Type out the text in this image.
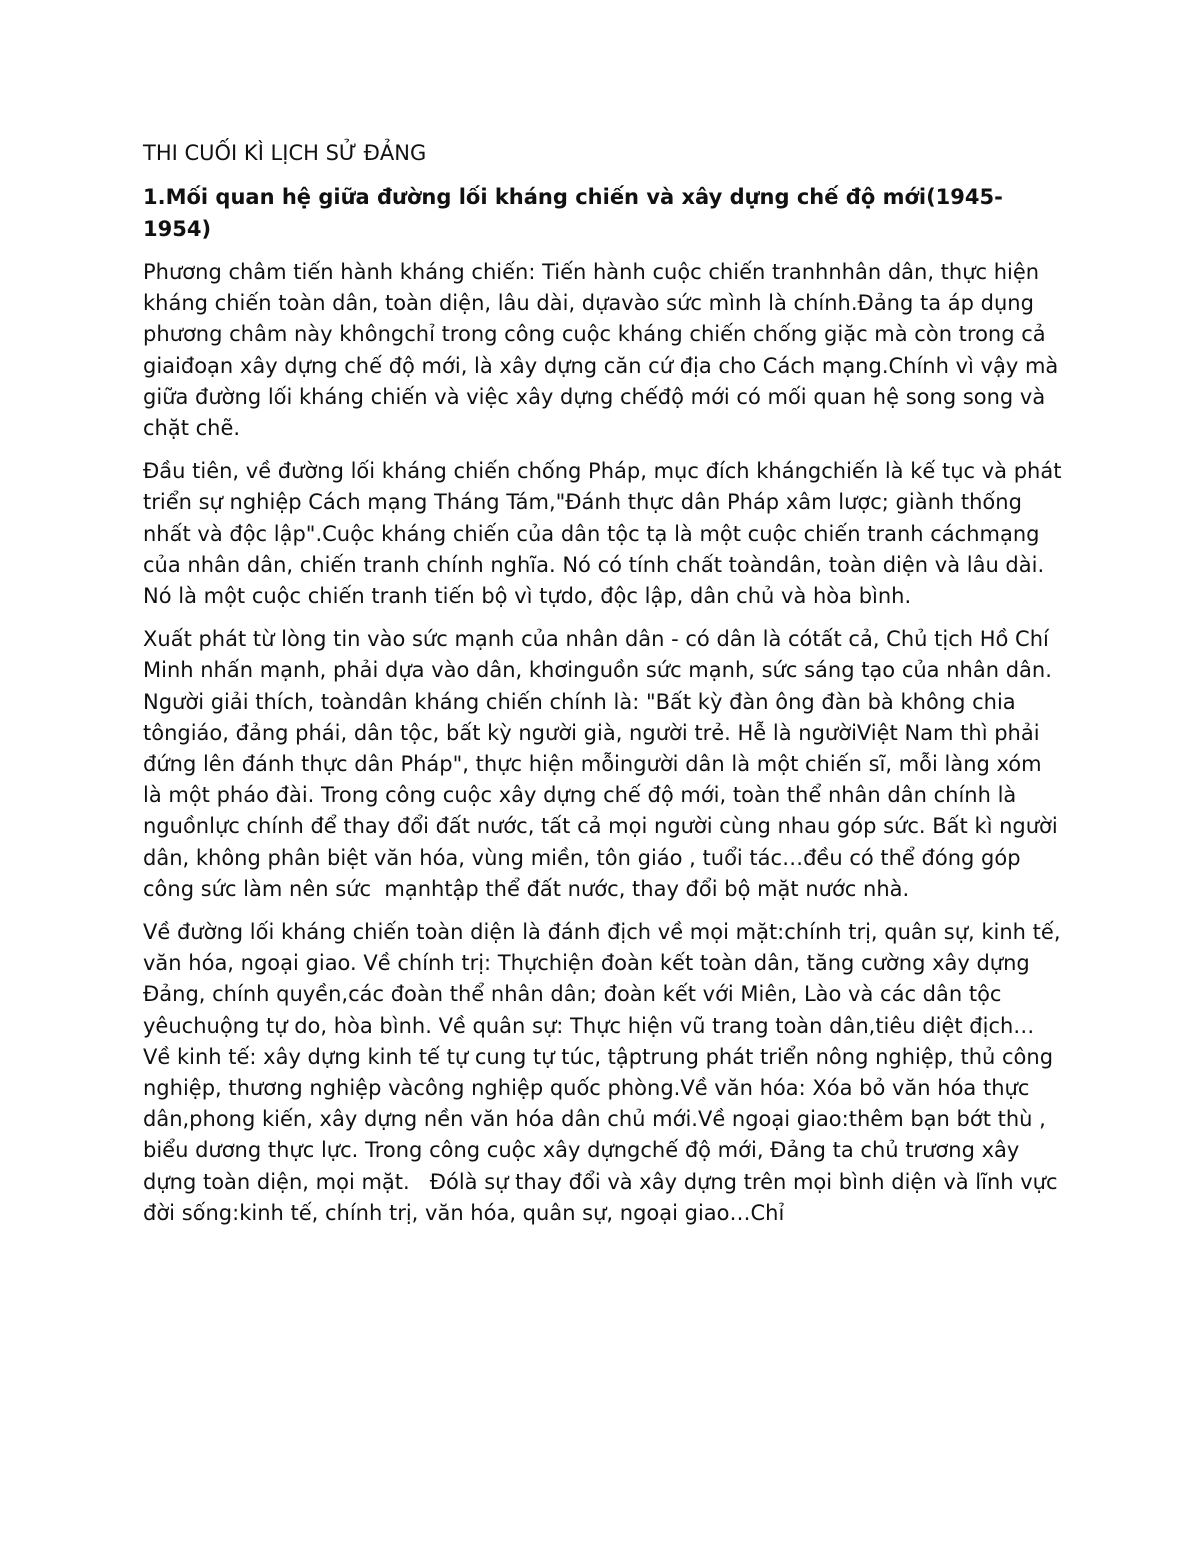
THI CUỐI KÌ LỊCH SỬ ĐẢNG
1.Mối quan hệ giữa đường lối kháng chiến và xây dựng chế độ mới(1945-1954)

Phương châm tiến hành kháng chiến: Tiến hành cuộc chiến tranhnhân dân, thực hiện kháng chiến toàn dân, toàn diện, lâu dài, dựavào sức mình là chính.Đảng ta áp dụng phương châm này khôngchỉ trong công cuộc kháng chiến chống giặc mà còn trong cả giaiđoạn xây dựng chế độ mới, là xây dựng căn cứ địa cho Cách mạng.Chính vì vậy mà giữa đường lối kháng chiến và việc xây dựng chếđộ mới có mối quan hệ song song và chặt chẽ.

Đầu tiên, về đường lối kháng chiến chống Pháp, mục đích khángchiến là kế tục và phát triển sự nghiệp Cách mạng Tháng Tám,"Đánh thực dân Pháp xâm lược; giành thống nhất và độc lập".Cuộc kháng chiến của dân tộc tạ là một cuộc chiến tranh cáchmạng của nhân dân, chiến tranh chính nghĩa. Nó có tính chất toàndân, toàn diện và lâu dài. Nó là một cuộc chiến tranh tiến bộ vì tựdo, độc lập, dân chủ và hòa bình.

Xuất phát từ lòng tin vào sức mạnh của nhân dân - có dân là cótất cả, Chủ tịch Hồ Chí Minh nhấn mạnh, phải dựa vào dân, khơinguồn sức mạnh, sức sáng tạo của nhân dân. Người giải thích, toàndân kháng chiến chính là: "Bất kỳ đàn ông đàn bà không chia tôngiáo, đảng phái, dân tộc, bất kỳ người già, người trẻ. Hễ là ngườiViệt Nam thì phải đứng lên đánh thực dân Pháp", thực hiện mỗingười dân là một chiến sĩ, mỗi làng xóm là một pháo đài. Trong công cuộc xây dựng chế độ mới, toàn thể nhân dân chính là nguồnlực chính để thay đổi đất nước, tất cả mọi người cùng nhau góp sức. Bất kì người dân, không phân biệt văn hóa, vùng miền, tôn giáo , tuổi tác…đều có thể đóng góp công sức làm nên sức  mạnhtập thể đất nước, thay đổi bộ mặt nước nhà.

Về đường lối kháng chiến toàn diện là đánh địch về mọi mặt:chính trị, quân sự, kinh tế, văn hóa, ngoại giao. Về chính trị: Thựchiện đoàn kết toàn dân, tăng cường xây dựng Đảng, chính quyền,các đoàn thể nhân dân; đoàn kết với Miên, Lào và các dân tộc yêuchuộng tự do, hòa bình. Về quân sự: Thực hiện vũ trang toàn dân,tiêu diệt địch… Về kinh tế: xây dựng kinh tế tự cung tự túc, tậptrung phát triển nông nghiệp, thủ công nghiệp, thương nghiệp vàcông nghiệp quốc phòng.Về văn hóa: Xóa bỏ văn hóa thực dân,phong kiến, xây dựng nền văn hóa dân chủ mới.Về ngoại giao:thêm bạn bớt thù , biểu dương thực lực. Trong công cuộc xây dựngchế độ mới, Đảng ta chủ trương xây dựng toàn diện, mọi mặt.   Đólà sự thay đổi và xây dựng trên mọi bình diện và lĩnh vực đời sống:kinh tế, chính trị, văn hóa, quân sự, ngoại giao…Chỉ
